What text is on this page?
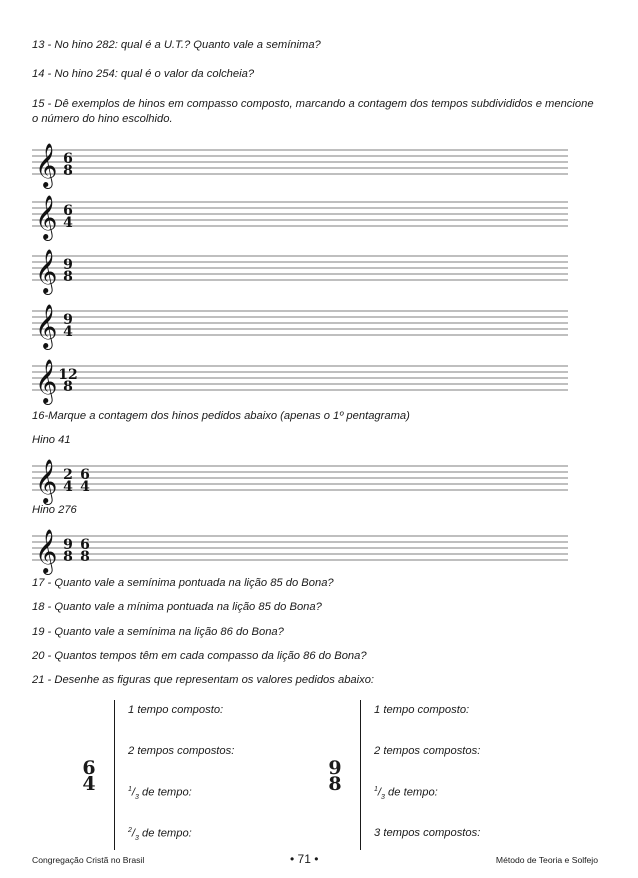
13 - No hino 282: qual é a U.T.? Quanto vale a semínima?
14 - No hino 254: qual é o valor da colcheia?
15 - Dê exemplos de hinos em compasso composto, marcando a contagem dos tempos subdivididos e mencione
o número do hino escolhido.
𝄞 6
8
𝄞 6
4
𝄞 9
8
𝄞 9
4
𝄞 12
8
16-Marque a contagem dos hinos pedidos abaixo (apenas o 1º pentagrama)
Hino 41
𝄞 2
4
6
4
Hino 276
𝄞 9
8
6
8
17 - Quanto vale a semínima pontuada na lição 85 do Bona?
18 - Quanto vale a mínima pontuada na lição 85 do Bona?
19 - Quanto vale a semínima na lição 86 do Bona?
20 - Quantos tempos têm em cada compasso da lição 86 do Bona?
21 - Desenhe as figuras que representam os valores pedidos abaixo:
6
4
1 tempo composto:
2 tempos compostos:
$^1/_3$ de tempo:
$^2/_3$ de tempo:
9
8
1 tempo composto:
2 tempos compostos:
$^1/_3$ de tempo:
3 tempos compostos:
Congregação Cristã no Brasil	• 71 •	Método de Teoria e Solfejo
